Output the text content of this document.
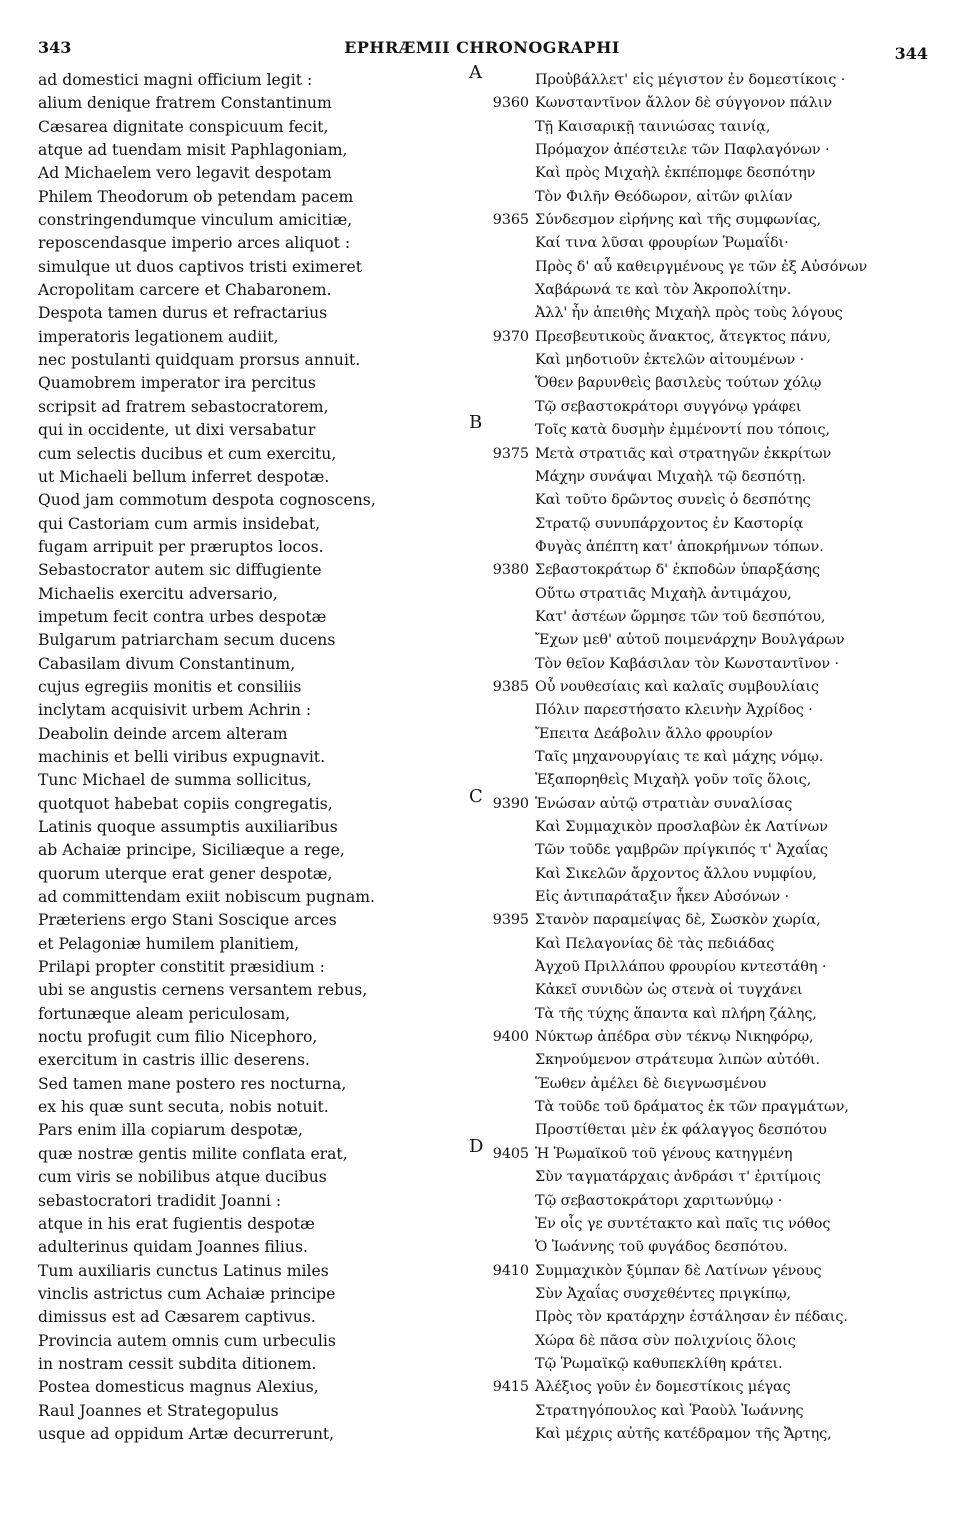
343	EPHRÆMII CHRONOGRAPHI	344
ad domestici magni officium legit :
alium denique fratrem Constantinum
Cæsarea dignitate conspicuum fecit,
atque ad tuendam misit Paphlagoniam,
Ad Michaelem vero legavit despotam
Philem Theodorum ob petendam pacem
constringendumque vinculum amicitiæ,
reposcendasque imperio arces aliquot :
simulque ut duos captivos tristi eximeret
Acropolitam carcere et Chabaronem.
Despota tamen durus et refractarius
imperatoris legationem audiit,
nec postulanti quidquam prorsus annuit.
Quamobrem imperator ira percitus
scripsit ad fratrem sebastocratorem,
qui in occidente, ut dixi versabatur
cum selectis ducibus et cum exercitu,
ut Michaeli bellum inferret despotæ.
Quod jam commotum despota cognoscens,
qui Castoriam cum armis insidebat,
fugam arripuit per præruptos locos.
Sebastocrator autem sic diffugiente
Michaelis exercitu adversario,
impetum fecit contra urbes despotæ
Bulgarum patriarcham secum ducens
Cabasilam divum Constantinum,
cujus egregiis monitis et consiliis
inclytam acquisivit urbem Achrin :
Deabolin deinde arcem alteram
machinis et belli viribus expugnavit.
Tunc Michael de summa sollicitus,
quotquot habebat copiis congregatis,
Latinis quoque assumptis auxiliaribus
ab Achaiæ principe, Siciliæque a rege,
quorum uterque erat gener despotæ,
ad committendam exiit nobiscum pugnam.
Præteriens ergo Stani Soscique arces
et Pelagoniæ humilem planitiem,
Prilapi propter constitit præsidium :
ubi se angustis cernens versantem rebus,
fortunæque aleam periculosam,
noctu profugit cum filio Nicephoro,
exercitum in castris illic deserens.
Sed tamen mane postero res nocturna,
ex his quæ sunt secuta, nobis notuit.
Pars enim illa copiarum despotæ,
quæ nostræ gentis milite conflata erat,
cum viris se nobilibus atque ducibus
sebastocratori tradidit Joanni :
atque in his erat fugientis despotæ
adulterinus quidam Joannes filius.
Tum auxiliaris cunctus Latinus miles
vinclis astrictus cum Achaiæ principe
dimissus est ad Cæsarem captivus.
Provincia autem omnis cum urbeculis
in nostram cessit subdita ditionem.
Postea domesticus magnus Alexius,
Raul Joannes et Strategopulus
usque ad oppidum Artæ decurrerunt,
Προὐβάλλετ' εἰς μέγιστον ἐν δομεστίκοις ·
A
Κωνσταντῖνον ἄλλον δὲ σύγγονον πάλιν
9360
Τῇ Καισαρικῇ ταινιώσας ταινίᾳ,
Πρόμαχον ἀπέστειλε τῶν Παφλαγόνων ·
Καὶ πρὸς Μιχαὴλ ἐκπέπομφε δεσπότην
Τὸν Φιλῆν Θεόδωρον, αἰτῶν φιλίαν
Σύνδεσμον εἰρήνης καὶ τῆς συμφωνίας,
9365
Καί τινα λῦσαι φρουρίων Ῥωμαΐδι·
Πρὸς δ' αὖ καθειργμένους γε τῶν ἐξ Αὐσόνων
Χαβάρωνά τε καὶ τὸν Ἀκροπολίτην.
Ἀλλ' ἦν ἀπειθὴς Μιχαὴλ πρὸς τοὺς λόγους
Πρεσβευτικοὺς ἄνακτος, ἄτεγκτος πάνυ,
9370
Καὶ μηδοτιοῦν ἐκτελῶν αἰτουμένων ·
Ὅθεν βαρυνθεὶς βασιλεὺς τούτων χόλῳ
Τῷ σεβαστοκράτορι συγγόνῳ γράφει
Τοῖς κατὰ δυσμὴν ἐμμένοντί που τόποις,
B
Μετὰ στρατιᾶς καὶ στρατηγῶν ἐκκρίτων
9375
Μάχην συνάψαι Μιχαὴλ τῷ δεσπότῃ.
Καὶ τοῦτο δρῶντος συνεὶς ὁ δεσπότης
Στρατῷ συνυπάρχοντος ἐν Καστορίᾳ
Φυγὰς ἀπέπτη κατ' ἀποκρήμνων τόπων.
Σεβαστοκράτωρ δ' ἐκποδὼν ὑπαρξάσης
9380
Οὕτω στρατιᾶς Μιχαὴλ ἀντιμάχου,
Κατ' ἀστέων ὥρμησε τῶν τοῦ δεσπότου,
Ἔχων μεθ' αὑτοῦ ποιμενάρχην Βουλγάρων
Τὸν θεῖον Καβάσιλαν τὸν Κωνσταντῖνον ·
Οὗ νουθεσίαις καὶ καλαῖς συμβουλίαις
9385
Πόλιν παρεστήσατο κλεινὴν Ἀχρίδος ·
Ἔπειτα Δεάβολιν ἄλλο φρουρίον
Ταῖς μηχανουργίαις τε καὶ μάχης νόμῳ.
Ἐξαπορηθεὶς Μιχαὴλ γοῦν τοῖς ὅλοις,
Ἑνώσαν αὐτῷ στρατιὰν συναλίσας
9390
C
Καὶ Συμμαχικὸν προσλαβὼν ἐκ Λατίνων
Τῶν τοῦδε γαμβρῶν πρίγκιπός τ' Ἀχαΐας
Καὶ Σικελῶν ἄρχοντος ἄλλου νυμφίου,
Εἰς ἀντιπαράταξιν ἧκεν Αὐσόνων ·
Στανὸν παραμείψας δὲ, Σωσκὸν χωρία,
9395
Καὶ Πελαγονίας δὲ τὰς πεδιάδας
Ἀγχοῦ Πριλλάπου φρουρίου κντεστάθη ·
Κἀκεῖ συνιδὼν ὡς στενὰ οἱ τυγχάνει
Τὰ τῆς τύχης ἅπαντα καὶ πλήρη ζάλης,
Νύκτωρ ἀπέδρα σὺν τέκνῳ Νικηφόρῳ,
9400
Σκηνούμενον στράτευμα λιπὼν αὐτόθι.
Ἕωθεν ἀμέλει δὲ διεγνωσμένου
Τὰ τοῦδε τοῦ δράματος ἐκ τῶν πραγμάτων,
Προστίθεται μὲν ἐκ φάλαγγος δεσπότου
Ἡ Ῥωμαϊκοῦ τοῦ γένους κατηγμένη
9405
D
Σὺν ταγματάρχαις ἀνδράσι τ' ἐριτίμοις
Τῷ σεβαστοκράτορι χαριτωνύμῳ ·
Ἐν οἷς γε συντέτακτο καὶ παῖς τις νόθος
Ὁ Ἰωάννης τοῦ φυγάδος δεσπότου.
Συμμαχικὸν ξύμπαν δὲ Λατίνων γένους
9410
Σὺν Ἀχαΐας συσχεθέντες πριγκίπῳ,
Πρὸς τὸν κρατάρχην ἐστάλησαν ἐν πέδαις.
Χώρα δὲ πᾶσα σὺν πολιχνίοις ὅλοις
Τῷ Ῥωμαϊκῷ καθυπεκλίθη κράτει.
Ἀλέξιος γοῦν ἐν δομεστίκοις μέγας
9415
Στρατηγόπουλος καὶ Ῥαοὺλ Ἰωάννης
Καὶ μέχρις αὐτῆς κατέδραμον τῆς Ἄρτης,
